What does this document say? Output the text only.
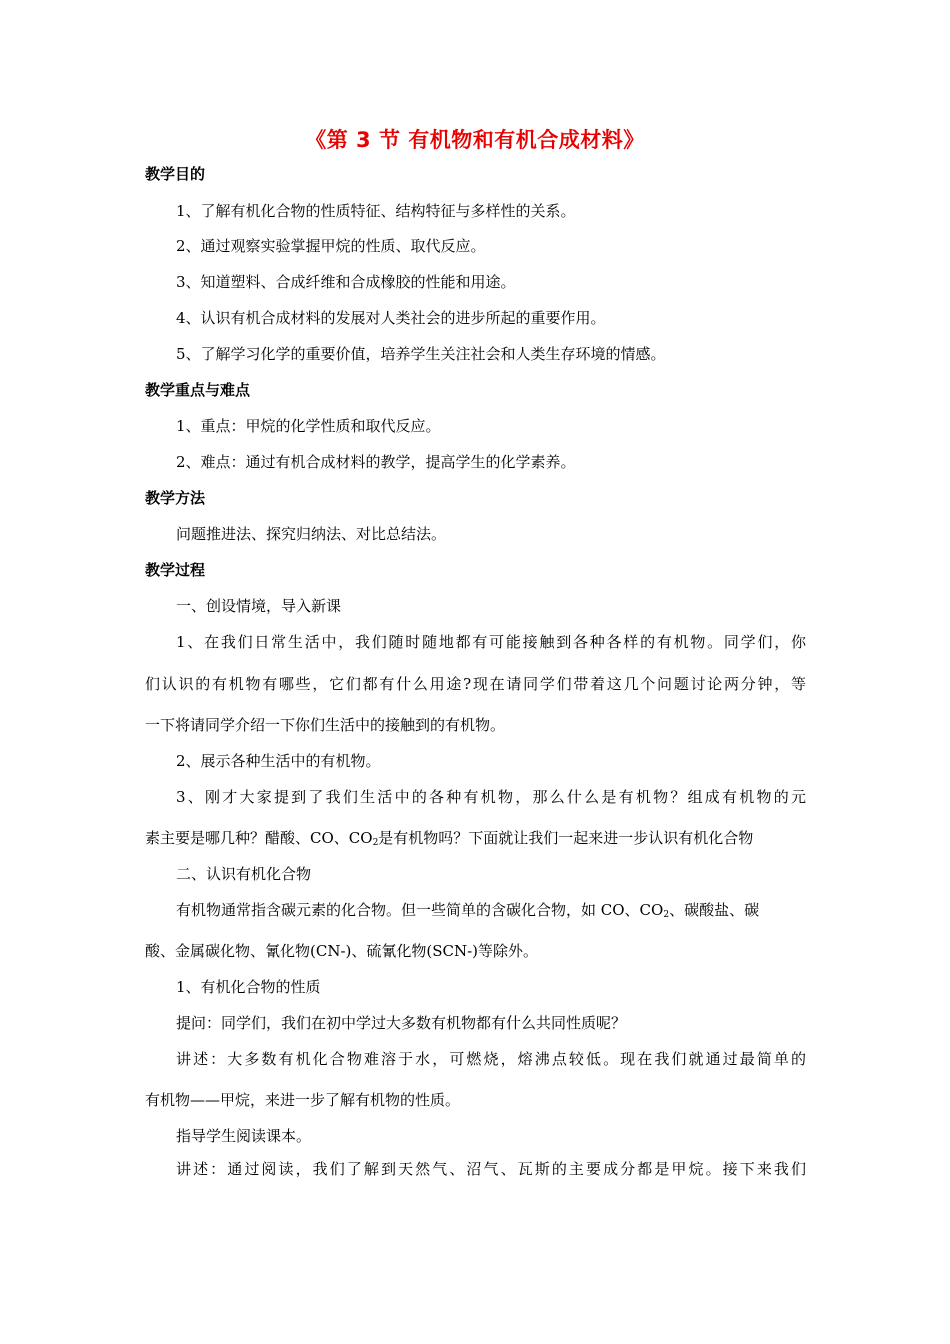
《第 3 节 有机物和有机合成材料》
教学目的
1、了解有机化合物的性质特征、结构特征与多样性的关系。
2、通过观察实验掌握甲烷的性质、取代反应。
3、知道塑料、合成纤维和合成橡胶的性能和用途。
4、认识有机合成材料的发展对人类社会的进步所起的重要作用。
5、了解学习化学的重要价值，培养学生关注社会和人类生存环境的情感。
教学重点与难点
1、重点：甲烷的化学性质和取代反应。
2、难点：通过有机合成材料的教学，提高学生的化学素养。
教学方法
问题推进法、探究归纳法、对比总结法。
教学过程
一、创设情境，导入新课
1、在我们日常生活中，我们随时随地都有可能接触到各种各样的有机物。同学们，你
们认识的有机物有哪些，它们都有什么用途?现在请同学们带着这几个问题讨论两分钟，等
一下将请同学介绍一下你们生活中的接触到的有机物。
2、展示各种生活中的有机物。
3、刚才大家提到了我们生活中的各种有机物，那么什么是有机物？组成有机物的元
素主要是哪几种？醋酸、CO、$CO_2$是有机物吗？下面就让我们一起来进一步认识有机化合物
二、认识有机化合物
有机物通常指含碳元素的化合物。但一些简单的含碳化合物，如 CO、$CO_2$、碳酸盐、碳
酸、金属碳化物、氰化物(CN-)、硫氰化物(SCN-)等除外。
1、有机化合物的性质
提问：同学们，我们在初中学过大多数有机物都有什么共同性质呢？
讲述：大多数有机化合物难溶于水，可燃烧，熔沸点较低。现在我们就通过最简单的
有机物——甲烷，来进一步了解有机物的性质。
指导学生阅读课本。
讲述：通过阅读，我们了解到天然气、沼气、瓦斯的主要成分都是甲烷。接下来我们
